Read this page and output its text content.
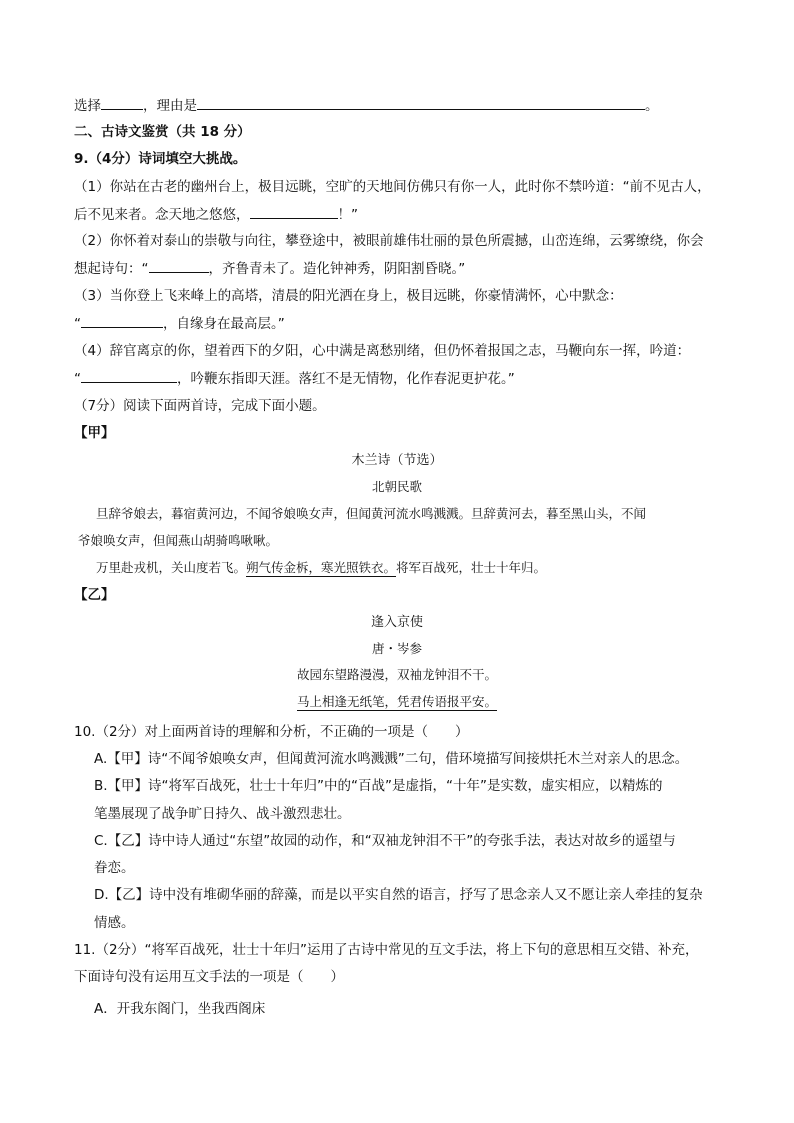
选择	，理由是	。
二、古诗文鉴赏（共 18 分）
9.（4分）诗词填空大挑战。
（1）你站在古老的幽州台上，极目远眺，空旷的天地间仿佛只有你一人，此时你不禁吟道：“前不见古人，
后不见来者。念天地之悠悠，	！”
（2）你怀着对泰山的崇敬与向往，攀登途中，被眼前雄伟壮丽的景色所震撼，山峦连绵，云雾缭绕，你会
想起诗句：“	，齐鲁青未了。造化钟神秀，阴阳割昏晓。”
（3）当你登上飞来峰上的高塔，清晨的阳光洒在身上，极目远眺，你豪情满怀，心中默念：
“	，自缘身在最高层。”
（4）辞官离京的你，望着西下的夕阳，心中满是离愁别绪，但仍怀着报国之志，马鞭向东一挥，吟道：
“	，吟鞭东指即天涯。落红不是无情物，化作春泥更护花。”
（7分）阅读下面两首诗，完成下面小题。
【甲】
木兰诗（节选）
北朝民歌
旦辞爷娘去，暮宿黄河边，不闻爷娘唤女声，但闻黄河流水鸣溅溅。旦辞黄河去，暮至黑山头，不闻
爷娘唤女声，但闻燕山胡骑鸣啾啾。
万里赴戎机，关山度若飞。朔气传金柝，寒光照铁衣。将军百战死，壮士十年归。
【乙】
逢入京使
唐・岑参
故园东望路漫漫，双袖龙钟泪不干。
马上相逢无纸笔，凭君传语报平安。
10.（2分）对上面两首诗的理解和分析，不正确的一项是（　　）
A.【甲】诗“不闻爷娘唤女声，但闻黄河流水鸣溅溅”二句，借环境描写间接烘托木兰对亲人的思念。
B.【甲】诗“将军百战死，壮士十年归”中的“百战”是虚指，“十年”是实数，虚实相应，以精炼的
笔墨展现了战争旷日持久、战斗激烈悲壮。
C.【乙】诗中诗人通过“东望”故园的动作，和“双袖龙钟泪不干”的夸张手法，表达对故乡的遥望与
眷恋。
D.【乙】诗中没有堆砌华丽的辞藻，而是以平实自然的语言，抒写了思念亲人又不愿让亲人牵挂的复杂
情感。
11.（2分）“将军百战死，壮士十年归”运用了古诗中常见的互文手法，将上下句的意思相互交错、补充，
下面诗句没有运用互文手法的一项是（　　）
A．开我东阁门，坐我西阁床
